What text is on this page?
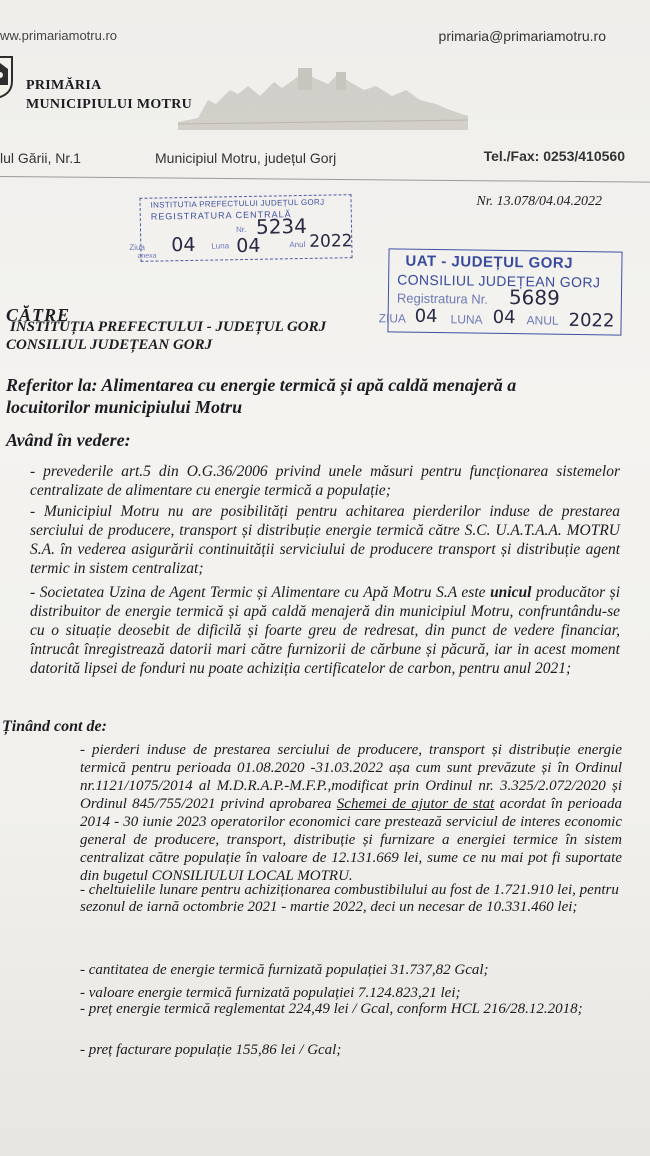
ww.primariamotru.ro	primaria@primariamotru.ro
PRIMĂRIA
MUNICIPIULUI MOTRU
lul Gării, Nr.1	Municipiul Motru, județul Gorj	Tel./Fax: 0253/410560
Nr. 13.078/04.04.2022
INSTITUTIA PREFECTULUI JUDEȚUL GORJ
REGISTRATURA CENTRALĂ
Nr. 5234
Ziua 04 Luna 04	Anul 2022
anexa	UAT - JUDEȚUL GORJ
CONSILIUL JUDEȚEAN GORJ
Registratura Nr. 5689
ZIUA 04 LUNA 04 ANUL 2022
CĂTRE
INSTITUȚIA PREFECTULUI - JUDEȚUL GORJ
CONSILIUL JUDEȚEAN GORJ
Referitor la: Alimentarea cu energie termică și apă caldă menajeră a
locuitorilor municipiului Motru
Având în vedere:
- prevederile art.5 din O.G.36/2006 privind unele măsuri pentru funcționarea sistemelor centralizate de alimentare cu energie termică a populație;
- Municipiul Motru nu are posibilități pentru achitarea pierderilor induse de prestarea serciului de producere, transport și distribuție energie termică către S.C. U.A.T.A.A. MOTRU S.A. în vederea asigurării continuității serviciului de producere transport și distribuție agent termic in sistem centralizat;
- Societatea Uzina de Agent Termic și Alimentare cu Apă Motru S.A este unicul producător și distribuitor de energie termică și apă caldă menajeră din municipiul Motru, confruntându-se cu o situație deosebit de dificilă și foarte greu de redresat, din punct de vedere financiar, întrucât înregistrează datorii mari către furnizorii de cărbune și păcură, iar in acest moment datorită lipsei de fonduri nu poate achiziția certificatelor de carbon, pentru anul 2021;
Ținând cont de:
- pierderi induse de prestarea serciului de producere, transport și distribuție energie termică pentru perioada 01.08.2020 -31.03.2022 așa cum sunt prevăzute și în Ordinul nr.1121/1075/2014 al M.D.R.A.P.-M.F.P.,modificat prin Ordinul nr. 3.325/2.072/2020 și Ordinul 845/755/2021 privind aprobarea Schemei de ajutor de stat acordat în perioada 2014 - 30 iunie 2023 operatorilor economici care prestează serviciul de interes economic general de producere, transport, distribuție și furnizare a energiei termice în sistem centralizat către populație în valoare de 12.131.669 lei, sume ce nu mai pot fi suportate din bugetul CONSILIULUI LOCAL MOTRU.
- cheltuielile lunare pentru achiziționarea combustibilului au fost de 1.721.910 lei, pentru sezonul de iarnă octombrie 2021 - martie 2022, deci un necesar de 10.331.460 lei;
- cantitatea de energie termică furnizată populației 31.737,82 Gcal;
- valoare energie termică furnizată populației 7.124.823,21 lei;
- preț energie termică reglementat 224,49 lei / Gcal, conform HCL 216/28.12.2018;
- preț facturare populație 155,86 lei / Gcal;
